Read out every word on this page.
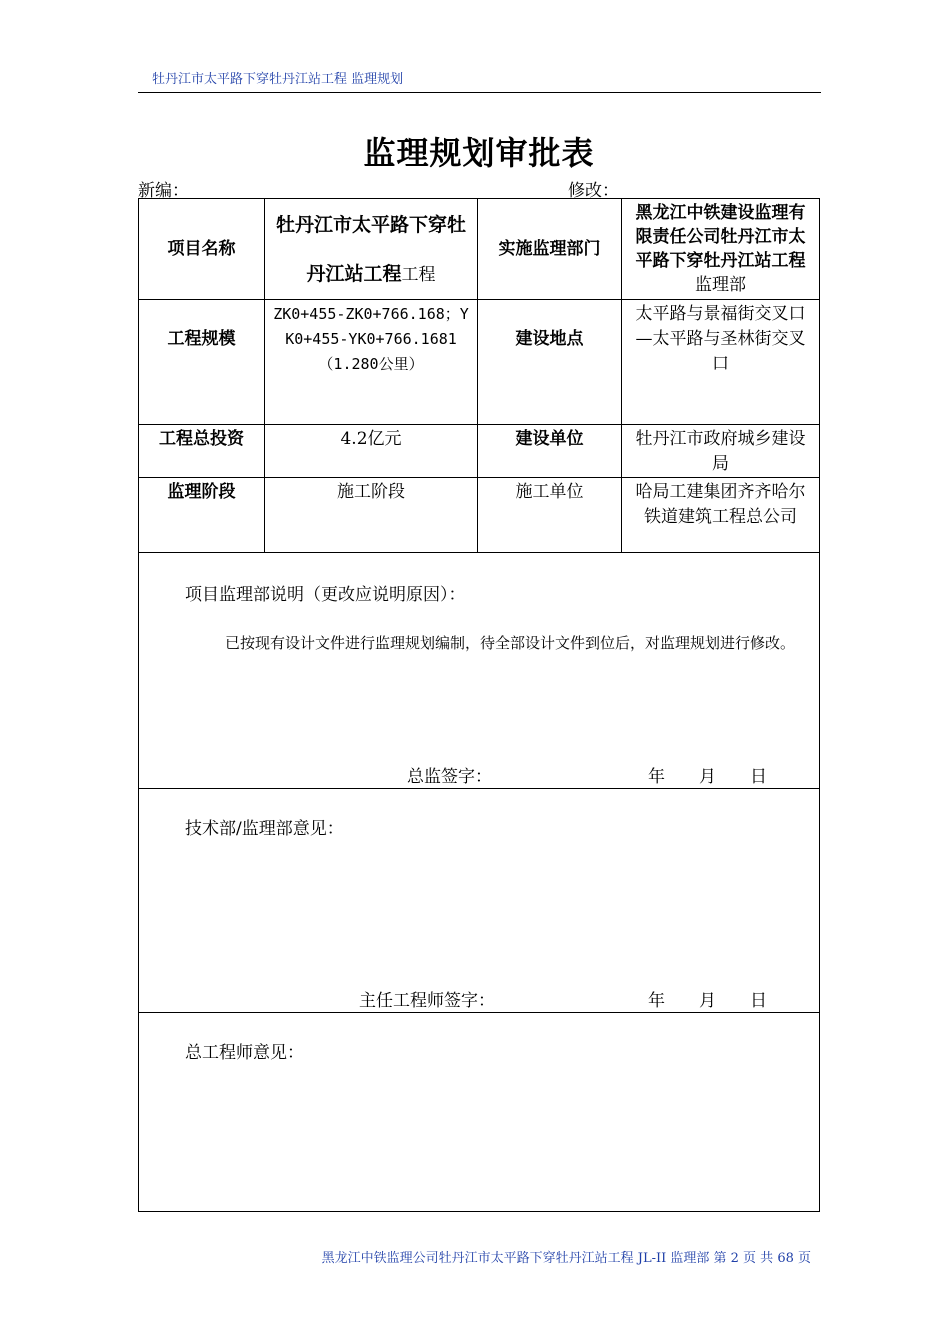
牡丹江市太平路下穿牡丹江站工程 监理规划
监理规划审批表
新编：	修改：
项目名称	牡丹江市太平路下穿牡丹江站工程工程	实施监理部门	黑龙江中铁建设监理有限责任公司牡丹江市太平路下穿牡丹江站工程监理部
工程规模	ZK0+455-ZK0+766.168；YK0+455-YK0+766.1681（1.280公里）	建设地点	太平路与景福街交叉口—太平路与圣林街交叉口
工程总投资	4.2亿元	建设单位	牡丹江市政府城乡建设局
监理阶段	施工阶段	施工单位	哈局工建集团齐齐哈尔铁道建筑工程总公司

项目监理部说明（更改应说明原因）：
已按现有设计文件进行监理规划编制，待全部设计文件到位后，对监理规划进行修改。
总监签字： 年　　月　　日			

技术部/监理部意见：
主任工程师签字： 年　　月　　日			

总工程师意见：			
黑龙江中铁监理公司牡丹江市太平路下穿牡丹江站工程 JL-II 监理部 第 2 页 共 68 页
